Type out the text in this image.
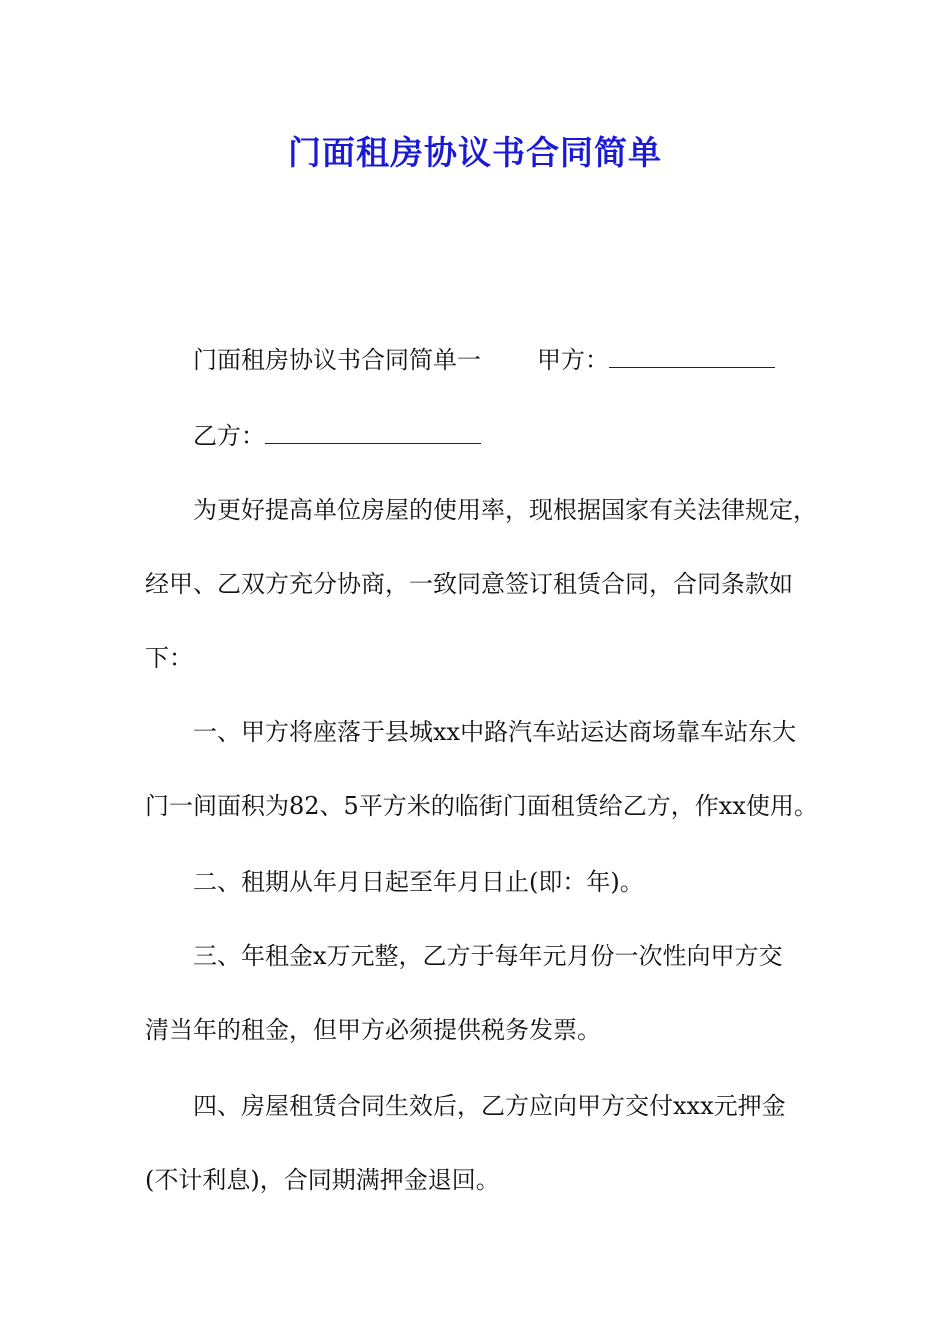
门面租房协议书合同简单
门面租房协议书合同简单一 甲方：
乙方：
为更好提高单位房屋的使用率，现根据国家有关法律规定，
经甲、乙双方充分协商，一致同意签订租赁合同，合同条款如
下：
一、甲方将座落于县城xx中路汽车站运达商场靠车站东大
门一间面积为82、5平方米的临街门面租赁给乙方，作xx使用。
二、租期从年月日起至年月日止(即：年)。
三、年租金x万元整，乙方于每年元月份一次性向甲方交
清当年的租金，但甲方必须提供税务发票。
四、房屋租赁合同生效后，乙方应向甲方交付xxx元押金
(不计利息)，合同期满押金退回。
